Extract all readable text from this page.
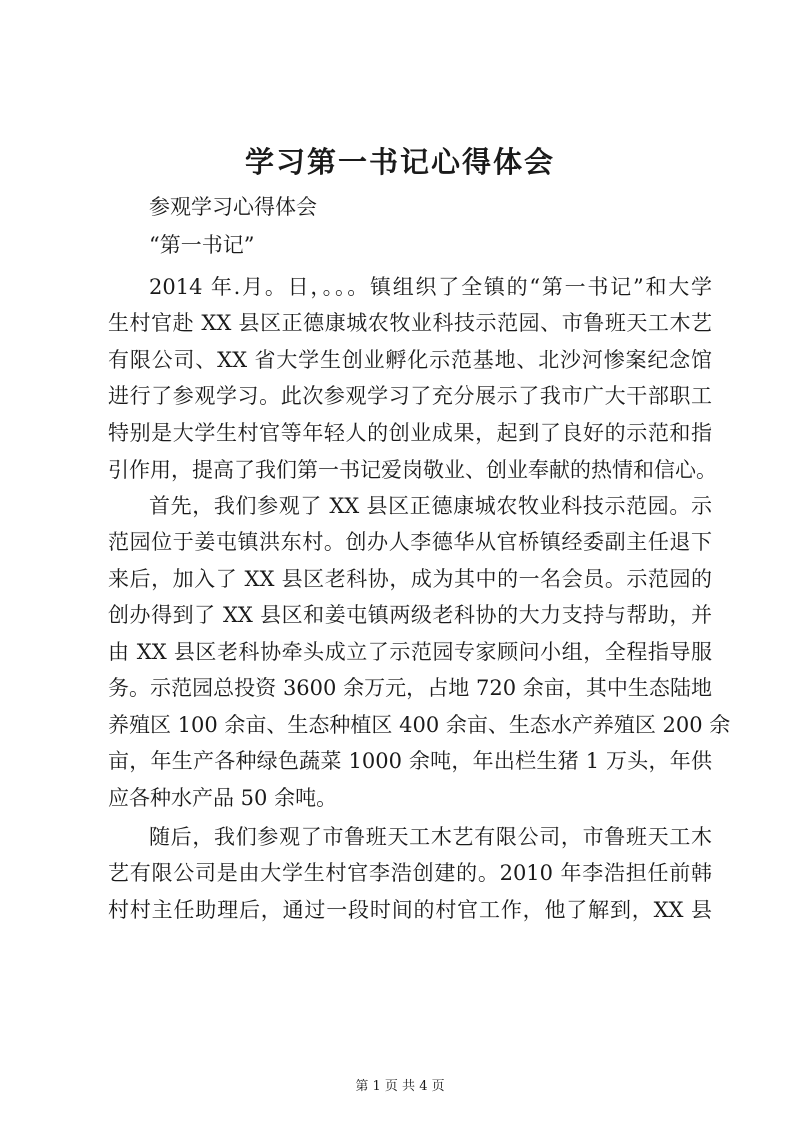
学习第一书记心得体会
参观学习心得体会
“第一书记”
2014 年.月。日，。。。镇组织了全镇的“第一书记”和大学
生村官赴 XX 县区正德康城农牧业科技示范园、市鲁班天工木艺
有限公司、XX 省大学生创业孵化示范基地、北沙河惨案纪念馆
进行了参观学习。此次参观学习了充分展示了我市广大干部职工
特别是大学生村官等年轻人的创业成果，起到了良好的示范和指
引作用，提高了我们第一书记爱岗敬业、创业奉献的热情和信心。
首先，我们参观了 XX 县区正德康城农牧业科技示范园。示
范园位于姜屯镇洪东村。创办人李德华从官桥镇经委副主任退下
来后，加入了 XX 县区老科协，成为其中的一名会员。示范园的
创办得到了 XX 县区和姜屯镇两级老科协的大力支持与帮助，并
由 XX 县区老科协牵头成立了示范园专家顾问小组，全程指导服
务。示范园总投资 3600 余万元，占地 720 余亩，其中生态陆地
养殖区 100 余亩、生态种植区 400 余亩、生态水产养殖区 200 余
亩，年生产各种绿色蔬菜 1000 余吨，年出栏生猪 1 万头，年供
应各种水产品 50 余吨。
随后，我们参观了市鲁班天工木艺有限公司，市鲁班天工木
艺有限公司是由大学生村官李浩创建的。2010 年李浩担任前韩
村村主任助理后，通过一段时间的村官工作，他了解到，XX 县
第 1 页 共 4 页
